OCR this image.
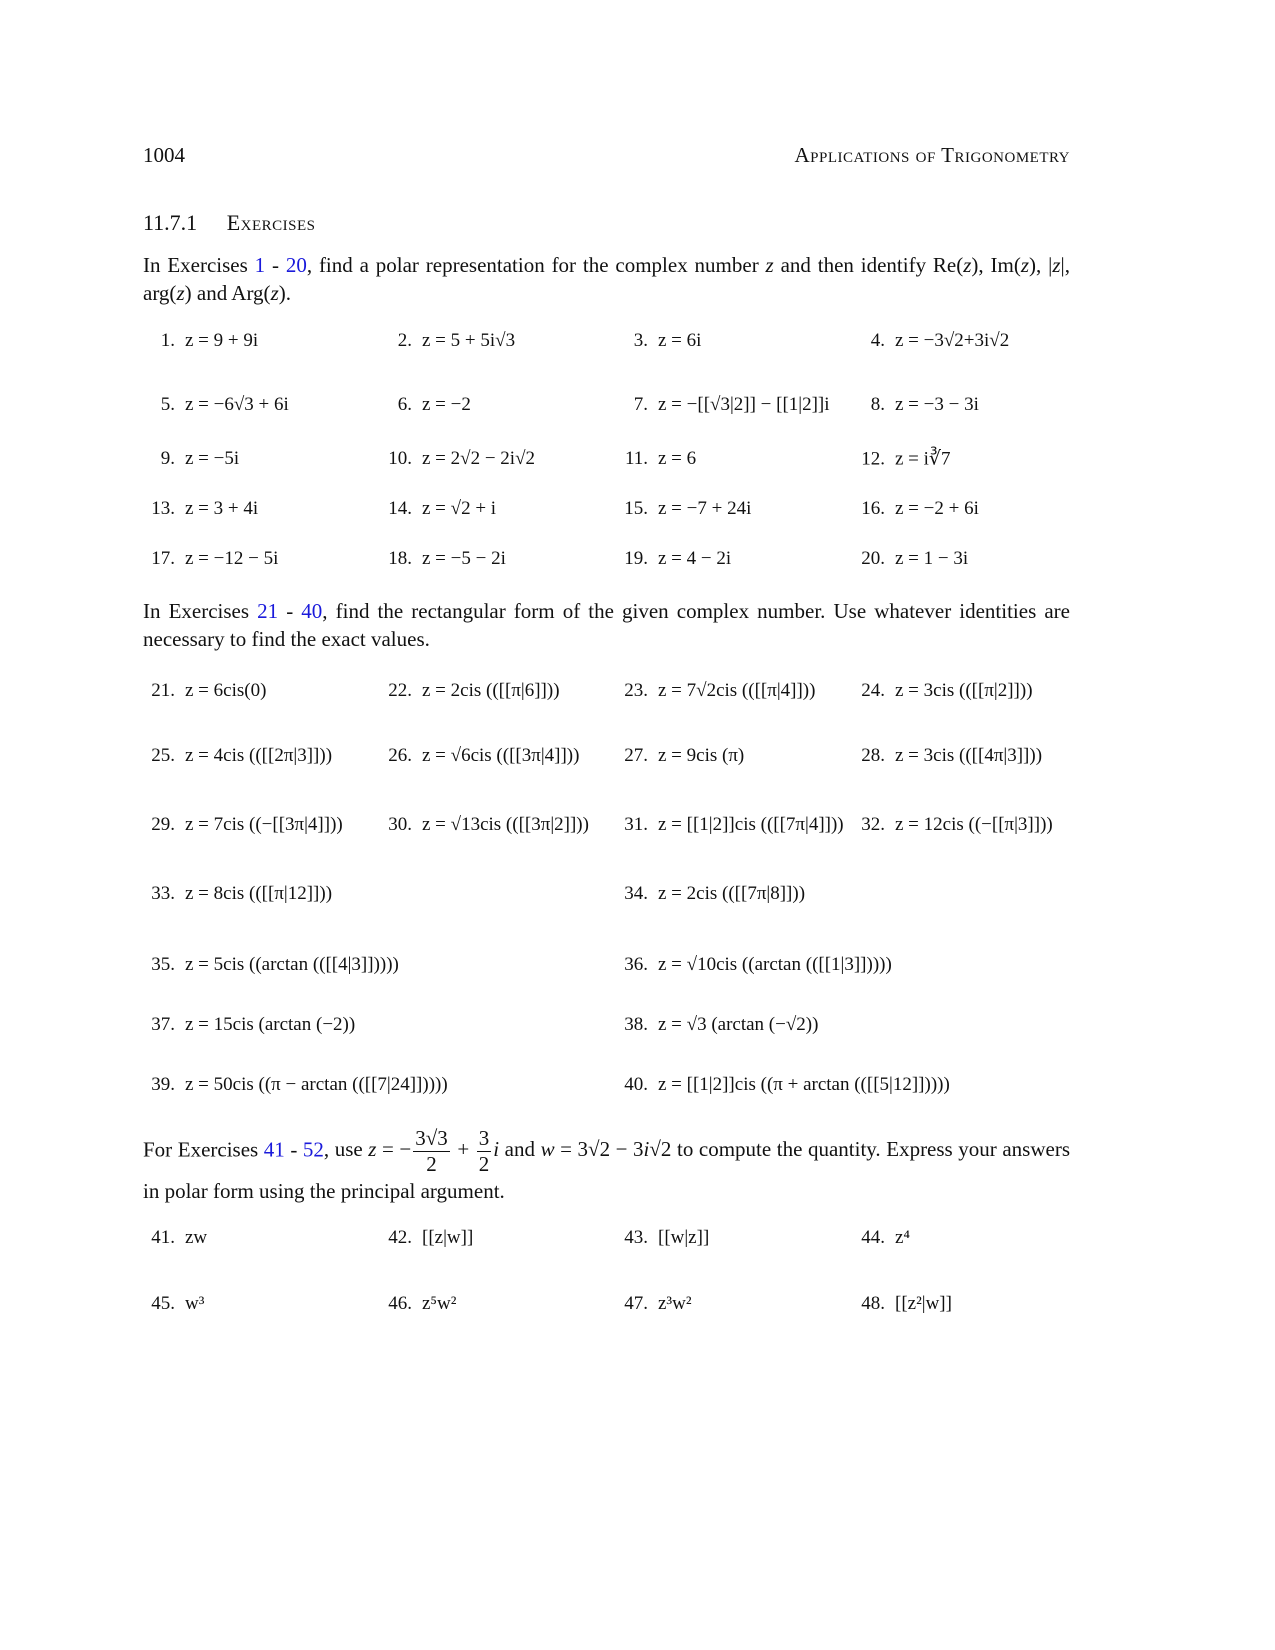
1004	Applications of Trigonometry
11.7.1 Exercises
In Exercises 1 - 20, find a polar representation for the complex number z and then identify Re(z), Im(z), |z|, arg(z) and Arg(z).
In Exercises 21 - 40, find the rectangular form of the given complex number. Use whatever identities are necessary to find the exact values.
For Exercises 41 - 52, use z = − $\frac{3√3}{2} + \frac{3}{2}$ i and w = 3√2 − 3i√2 to compute the quantity. Express your answers in polar form using the principal argument.
1. z = 9 + 9i	2. z = 5 + 5i√3	3. z = 6i	4. z = −3√2+3i√2
5. z = −6√3 + 6i	6. z = −2	7. z = −[[√3|2]] − [[1|2]]i	8. z = −3 − 3i
9. z = −5i	10. z = 2√2 − 2i√2	11. z = 6	12. z = i∛7
13. z = 3 + 4i	14. z = √2 + i	15. z = −7 + 24i	16. z = −2 + 6i
17. z = −12 − 5i	18. z = −5 − 2i	19. z = 4 − 2i	20. z = 1 − 3i
21. z = 6cis(0)	22. z = 2cis (([[π|6]]))	23. z = 7√2cis (([[π|4]]))	24. z = 3cis (([[π|2]]))
25. z = 4cis (([[2π|3]]))	26. z = √6cis (([[3π|4]]))	27. z = 9cis (π)	28. z = 3cis (([[4π|3]]))
29. z = 7cis ((−[[3π|4]]))	30. z = √13cis (([[3π|2]]))	31. z = [[1|2]]cis (([[7π|4]])) 32. z = 12cis ((−[[π|3]]))
33. z = 8cis (([[π|12]]))	34. z = 2cis (([[7π|8]]))
35. z = 5cis ((arctan (([[4|3]]))))	36. z = √10cis ((arctan (([[1|3]]))))
37. z = 15cis (arctan (−2))	38. z = √3 (arctan (−√2))
39. z = 50cis ((π − arctan (([[7|24]]))))	40. z = [[1|2]]cis ((π + arctan (([[5|12]]))))
41. zw	42. [[z|w]]	43. [[w|z]]	44. z⁴
45. w³	46. z⁵w²	47. z³w²	48. [[z²|w]]
